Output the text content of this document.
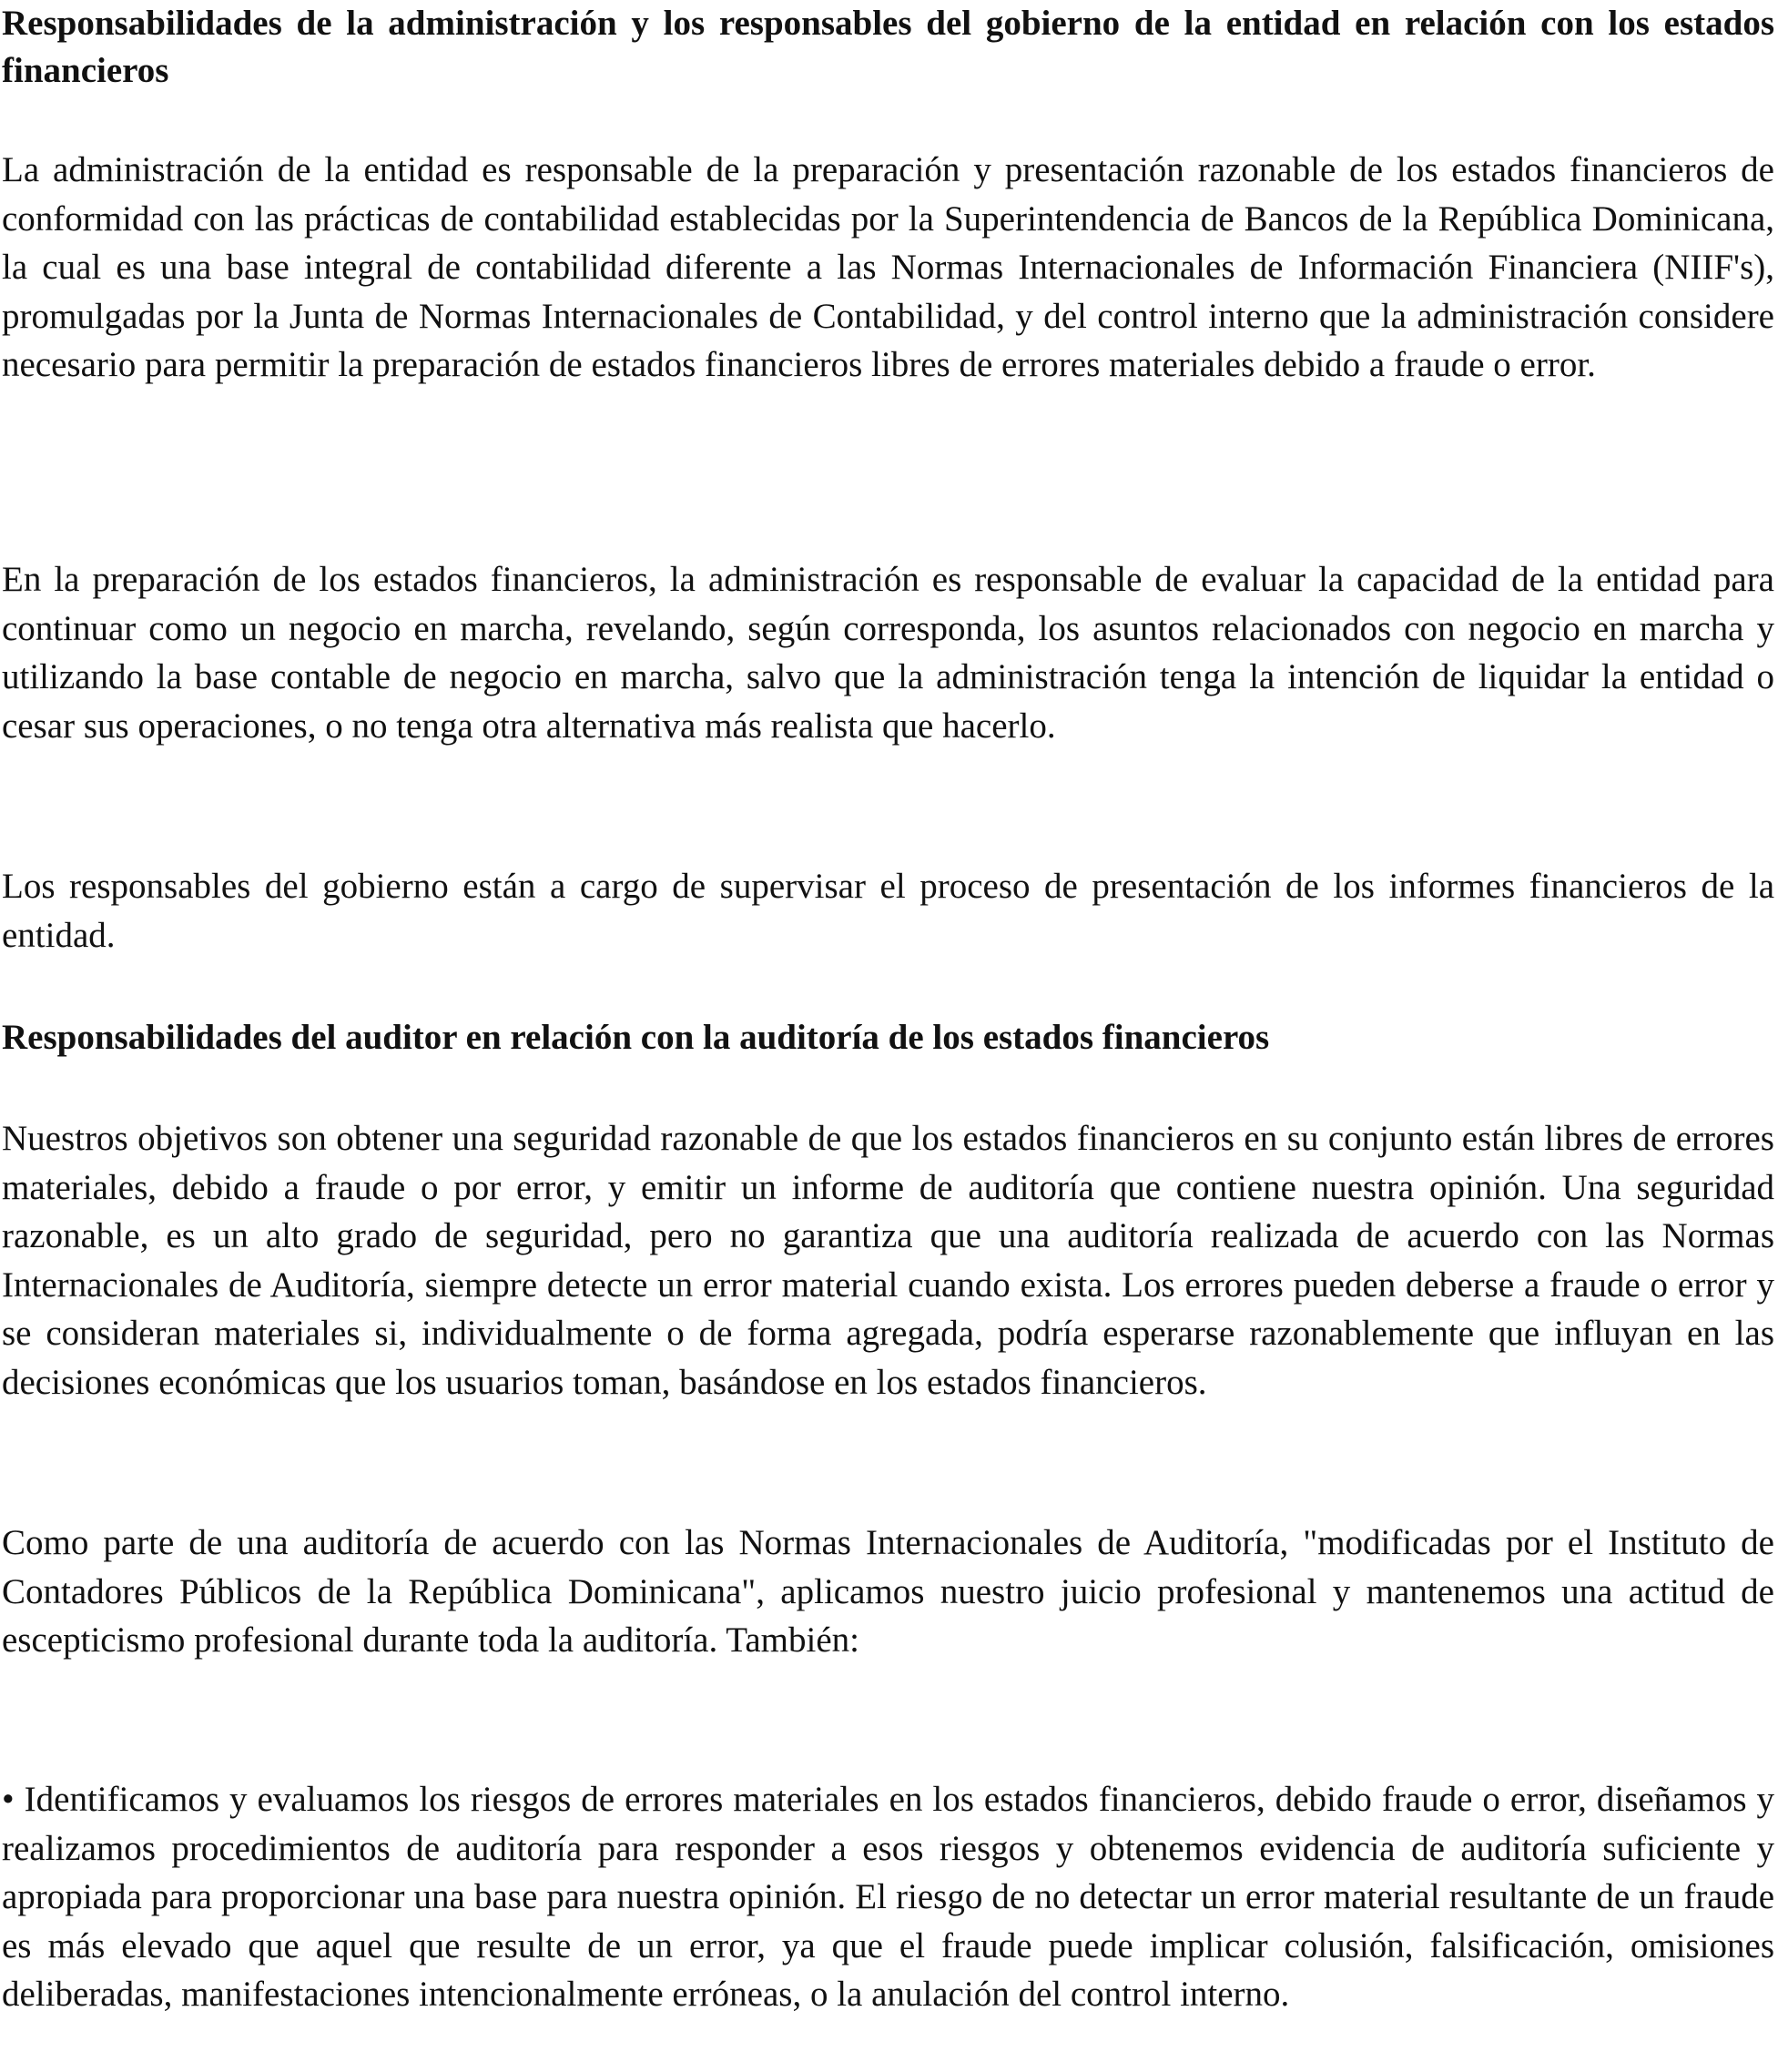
Responsabilidades de la administración y los responsables del gobierno de la entidad en relación con los estados financieros

La administración de la entidad es responsable de la preparación y presentación razonable de los estados financieros de conformidad con las prácticas de contabilidad establecidas por la Superintendencia de Bancos de la República Dominicana, la cual es una base integral de contabilidad diferente a las Normas Internacionales de Información Financiera (NIIF's), promulgadas por la Junta de Normas Internacionales de Contabilidad, y del control interno que la administración considere necesario para permitir la preparación de estados financieros libres de errores materiales debido a fraude o error.

En la preparación de los estados financieros, la administración es responsable de evaluar la capacidad de la entidad para continuar como un negocio en marcha, revelando, según corresponda, los asuntos relacionados con negocio en marcha y utilizando la base contable de negocio en marcha, salvo que la administración tenga la intención de liquidar la entidad o cesar sus operaciones, o no tenga otra alternativa más realista que hacerlo.

Los responsables del gobierno están a cargo de supervisar el proceso de presentación de los informes financieros de la entidad.

Responsabilidades del auditor en relación con la auditoría de los estados financieros

Nuestros objetivos son obtener una seguridad razonable de que los estados financieros en su conjunto están libres de errores materiales, debido a fraude o por error, y emitir un informe de auditoría que contiene nuestra opinión. Una seguridad razonable, es un alto grado de seguridad, pero no garantiza que una auditoría realizada de acuerdo con las Normas Internacionales de Auditoría, siempre detecte un error material cuando exista. Los errores pueden deberse a fraude o error y se consideran materiales si, individualmente o de forma agregada, podría esperarse razonablemente que influyan en las decisiones económicas que los usuarios toman, basándose en los estados financieros.

Como parte de una auditoría de acuerdo con las Normas Internacionales de Auditoría, "modificadas por el Instituto de Contadores Públicos de la República Dominicana", aplicamos nuestro juicio profesional y mantenemos una actitud de escepticismo profesional durante toda la auditoría. También:

• Identificamos y evaluamos los riesgos de errores materiales en los estados financieros, debido fraude o error, diseñamos y realizamos procedimientos de auditoría para responder a esos riesgos y obtenemos evidencia de auditoría suficiente y apropiada para proporcionar una base para nuestra opinión. El riesgo de no detectar un error material resultante de un fraude es más elevado que aquel que resulte de un error, ya que el fraude puede implicar colusión, falsificación, omisiones deliberadas, manifestaciones intencionalmente erróneas, o la anulación del control interno.
